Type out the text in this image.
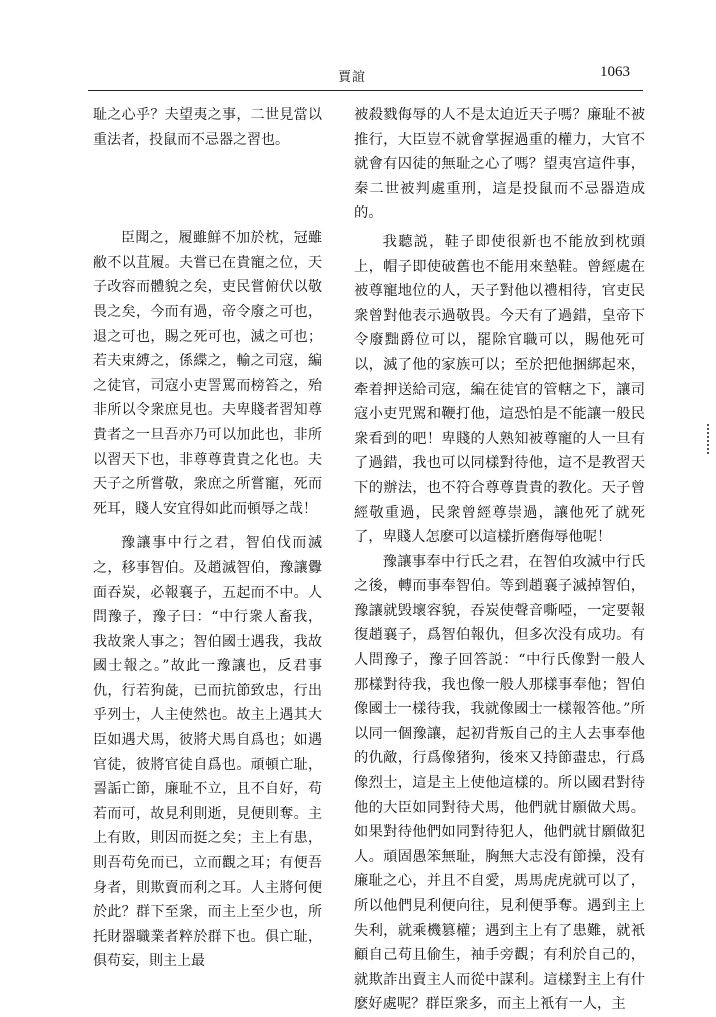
賈誼	1063

耻之心乎？夫望夷之事，二世見當以重法者，投鼠而不忌器之習也。

臣聞之，履雖鮮不加於枕，冠雖敝不以苴履。夫嘗已在貴寵之位，天子改容而體貌之矣，吏民嘗俯伏以敬畏之矣，今而有過，帝令廢之可也，退之可也，賜之死可也，滅之可也；若夫束縛之，係緤之，輸之司寇，編之徒官，司寇小吏詈罵而榜笞之，殆非所以令衆庶見也。夫卑賤者習知尊貴者之一旦吾亦乃可以加此也，非所以習天下也，非尊尊貴貴之化也。夫天子之所嘗敬，衆庶之所嘗寵，死而死耳，賤人安宜得如此而頓辱之哉！

豫讓事中行之君，智伯伐而滅之，移事智伯。及趙滅智伯，豫讓釁面吞炭，必報襄子，五起而不中。人問豫子，豫子曰：“中行衆人畜我，我故衆人事之；智伯國士遇我，我故國士報之。”故此一豫讓也，反君事仇，行若狗彘，已而抗節致忠，行出乎列士，人主使然也。故主上遇其大臣如遇犬馬，彼將犬馬自爲也；如遇官徒，彼將官徒自爲也。頑頓亡耻，䛐詬亡節，廉耻不立，且不自好，苟若而可，故見利則逝，見便則奪。主上有敗，則因而挺之矣；主上有患，則吾苟免而已，立而觀之耳；有便吾身者，則欺賣而利之耳。人主將何便於此？群下至衆，而主上至少也，所托財器職業者粹於群下也。俱亡耻，俱苟妄，則主上最

被殺戮侮辱的人不是太迫近天子嗎？廉耻不被推行，大臣豈不就會掌握過重的權力，大官不就會有囚徒的無耻之心了嗎？望夷宫這件事，秦二世被判處重刑，這是投鼠而不忌器造成的。

我聽説，鞋子即使很新也不能放到枕頭上，帽子即使破舊也不能用來墊鞋。曾經處在被尊寵地位的人，天子對他以禮相待，官吏民衆曾對他表示過敬畏。今天有了過錯，皇帝下令廢黜爵位可以，罷除官職可以，賜他死可以，滅了他的家族可以；至於把他捆綁起來，牽着押送給司寇，編在徒官的管轄之下，讓司寇小吏咒駡和鞭打他，這恐怕是不能讓一般民衆看到的吧！卑賤的人熟知被尊寵的人一旦有了過錯，我也可以同樣對待他，這不是教習天下的辦法，也不符合尊尊貴貴的教化。天子曾經敬重過，民衆曾經尊崇過，讓他死了就死了，卑賤人怎麽可以這樣折磨侮辱他呢！

豫讓事奉中行氏之君，在智伯攻滅中行氏之後，轉而事奉智伯。等到趙襄子滅掉智伯，豫讓就毁壞容貌，吞炭使聲音嘶啞，一定要報復趙襄子，爲智伯報仇，但多次没有成功。有人問豫子，豫子回答説：“中行氏像對一般人那樣對待我，我也像一般人那樣事奉他；智伯像國士一樣待我，我就像國士一樣報答他。”所以同一個豫讓，起初背叛自己的主人去事奉他的仇敵，行爲像猪狗，後來又持節盡忠，行爲像烈士，這是主上使他這樣的。所以國君對待他的大臣如同對待犬馬，他們就甘願做犬馬。如果對待他們如同對待犯人，他們就甘願做犯人。頑固愚笨無耻，胸無大志没有節操，没有廉耻之心，并且不自愛，馬馬虎虎就可以了，所以他們見利便向往，見利便爭奪。遇到主上失利，就乘機篡權；遇到主上有了患難，就衹顧自己苟且偷生，袖手旁觀；有利於自己的，就欺詐出賣主人而從中謀利。這樣對主上有什麽好處呢？群臣衆多，而主上衹有一人，主
